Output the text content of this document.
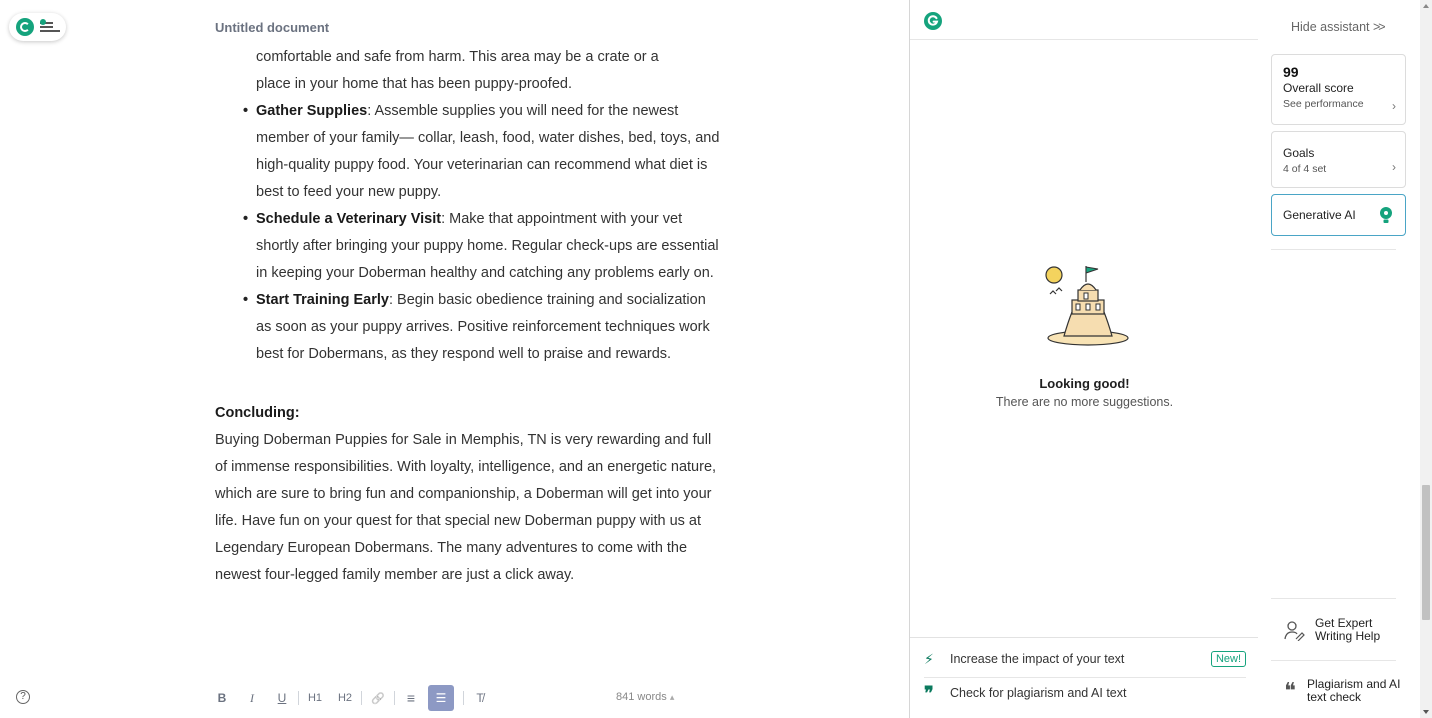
Untitled document
comfortable and safe from harm. This area may be a crate or a
place in your home that has been puppy-proofed.
• Gather Supplies: Assemble supplies you will need for the newest member of your family— collar, leash, food, water dishes, bed, toys, and high-quality puppy food. Your veterinarian can recommend what diet is best to feed your new puppy.
• Schedule a Veterinary Visit: Make that appointment with your vet shortly after bringing your puppy home. Regular check-ups are essential in keeping your Doberman healthy and catching any problems early on.
• Start Training Early: Begin basic obedience training and socialization as soon as your puppy arrives. Positive reinforcement techniques work best for Dobermans, as they respond well to praise and rewards.
Concluding:
Buying Doberman Puppies for Sale in Memphis, TN is very rewarding and full of immense responsibilities. With loyalty, intelligence, and an energetic nature, which are sure to bring fun and companionship, a Doberman will get into your life. Have fun on your quest for that special new Doberman puppy with us at Legendary European Dobermans. The many adventures to come with the newest four-legged family member are just a click away.
?	B	I	U	H1	H2	🔗	≡	☰	T̸	841 words ▴
Looking good!
There are no more suggestions.
⚡	Increase the impact of your text	New!
❞	Check for plagiarism and AI text
Hide assistant >>
99
Overall score
See performance	›
Goals
4 of 4 set	›
Generative AI
Get Expert Writing Help
❝ Plagiarism and AI text check
